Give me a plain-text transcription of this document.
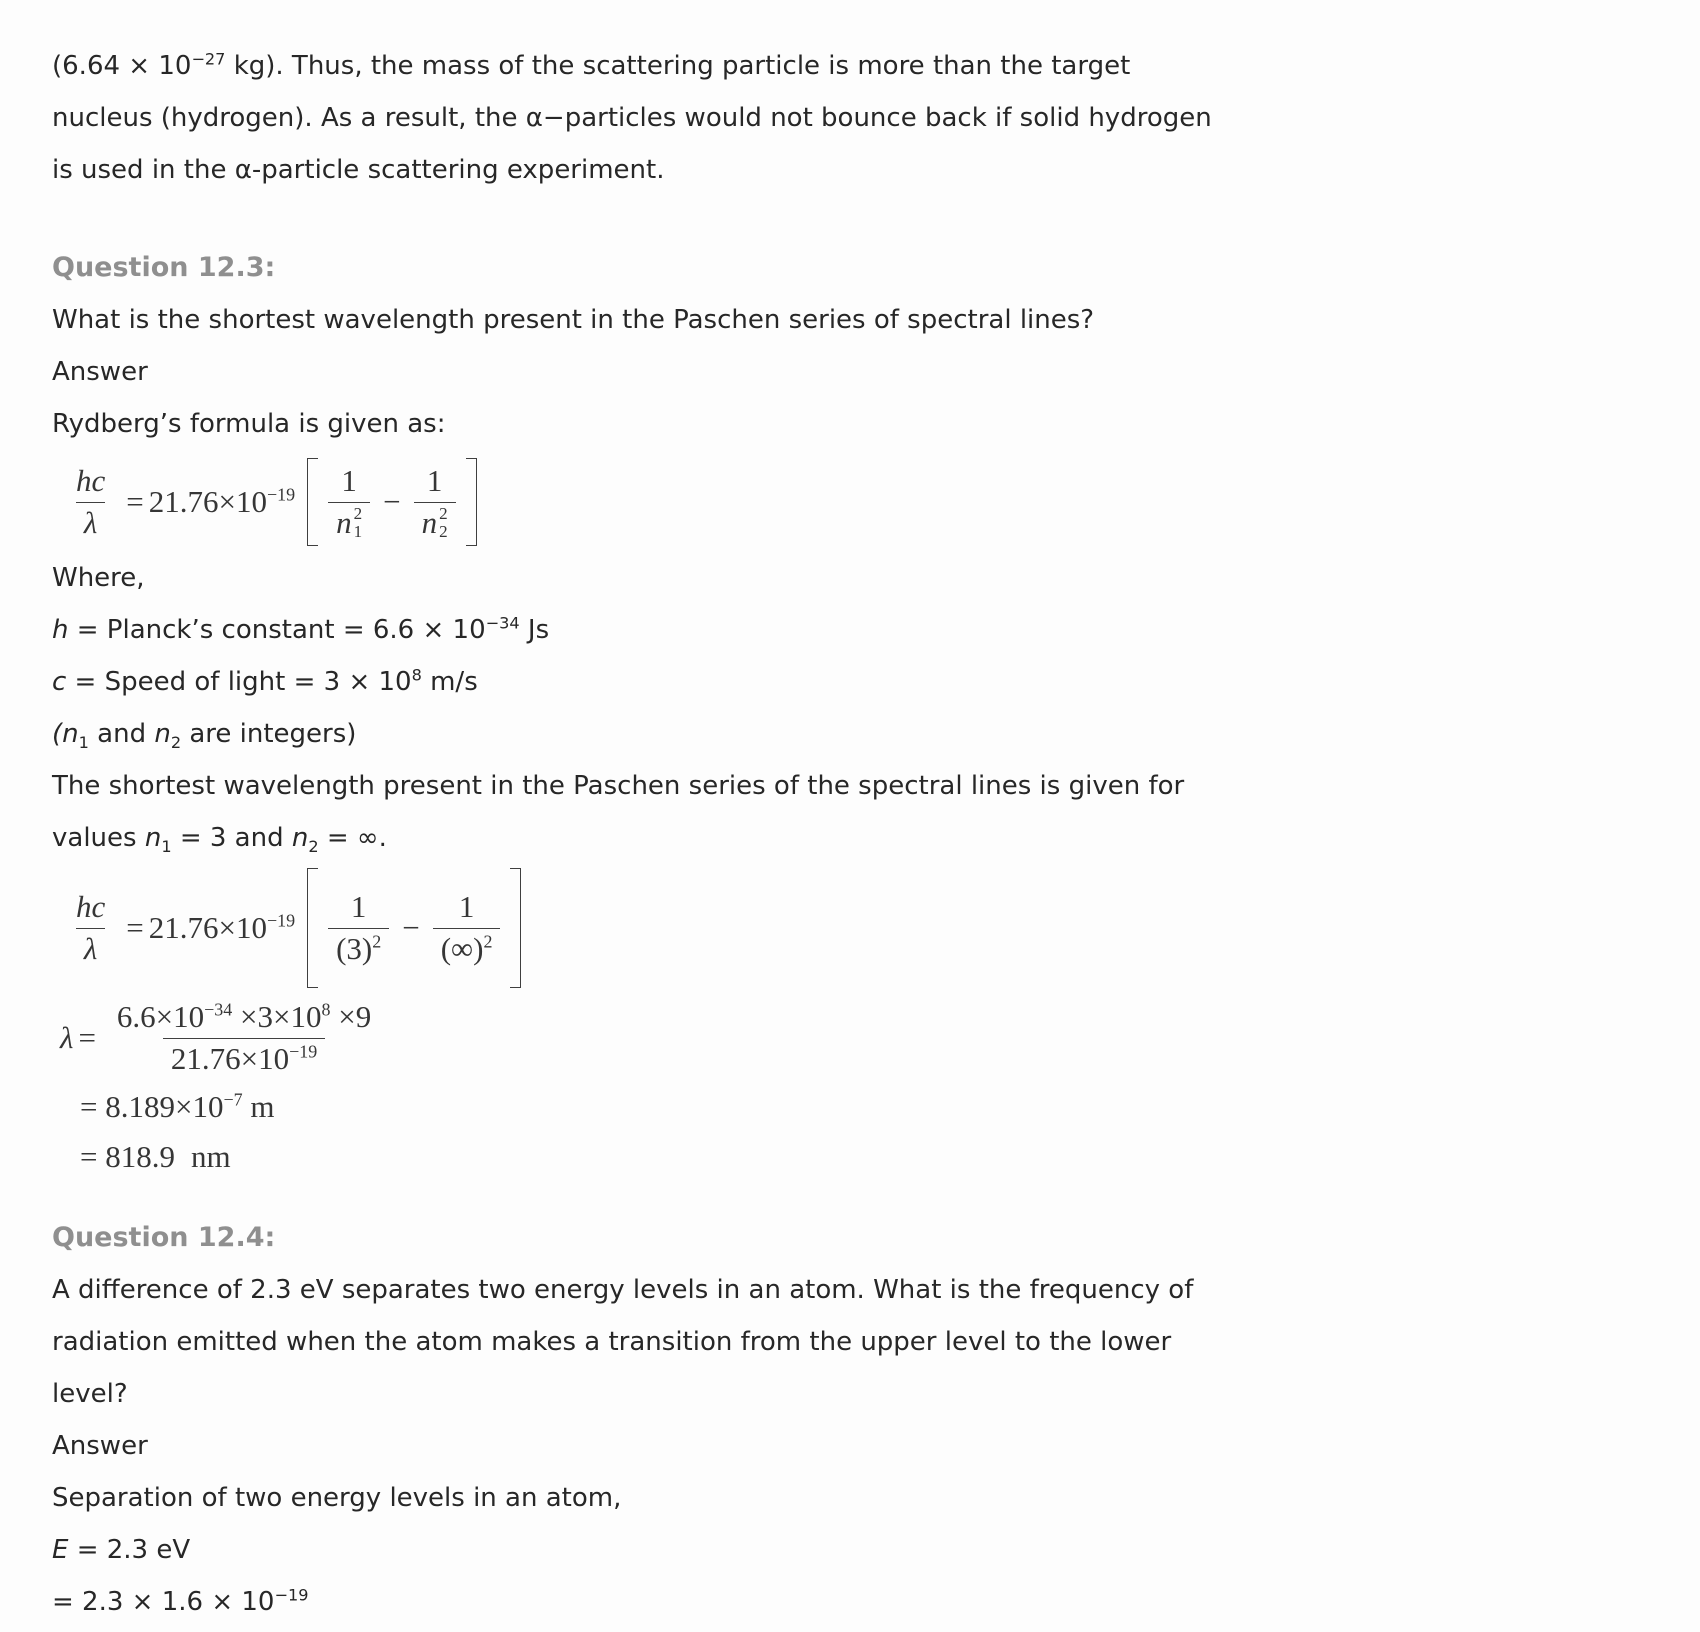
($6.64 \times 10^{-27}$ kg). Thus, the mass of the scattering particle is more than the target
nucleus (hydrogen). As a result, the α−particles would not bounce back if solid hydrogen
is used in the α-particle scattering experiment.
Question 12.3:
What is the shortest wavelength present in the Paschen series of spectral lines?
Answer
Rydberg’s formula is given as:
$\frac{hc}{\lambda} = 21.76\times 10^{-19}$ 1
n 2
1 − 1
n 2
2
Where,
h = Planck’s constant = $6.6 \times 10^{-34}$ Js
c = Speed of light = $3 \times 10^8$ m/s
($n_1$ and $n_2$ are integers)
The shortest wavelength present in the Paschen series of the spectral lines is given for
values $n_1 = 3$ and $n_2$ = ∞.
$\frac{hc}{\lambda} = 21.76\times 10^{-19} \frac{1}{(3)^2} - \frac{1}{(\infty)^2}$
$\lambda = \frac{6.6\times 10^{-34} \times 3\times 10^8 \times 9}{21.76\times 10^{-19}}$
= $8.189\times 10^{-7}$ m
= 818.9 nm
Question 12.4:
A difference of 2.3 eV separates two energy levels in an atom. What is the frequency of
radiation emitted when the atom makes a transition from the upper level to the lower
level?
Answer
Separation of two energy levels in an atom,
E = 2.3 eV
= $2.3 \times 1.6 \times 10^{-19}$
